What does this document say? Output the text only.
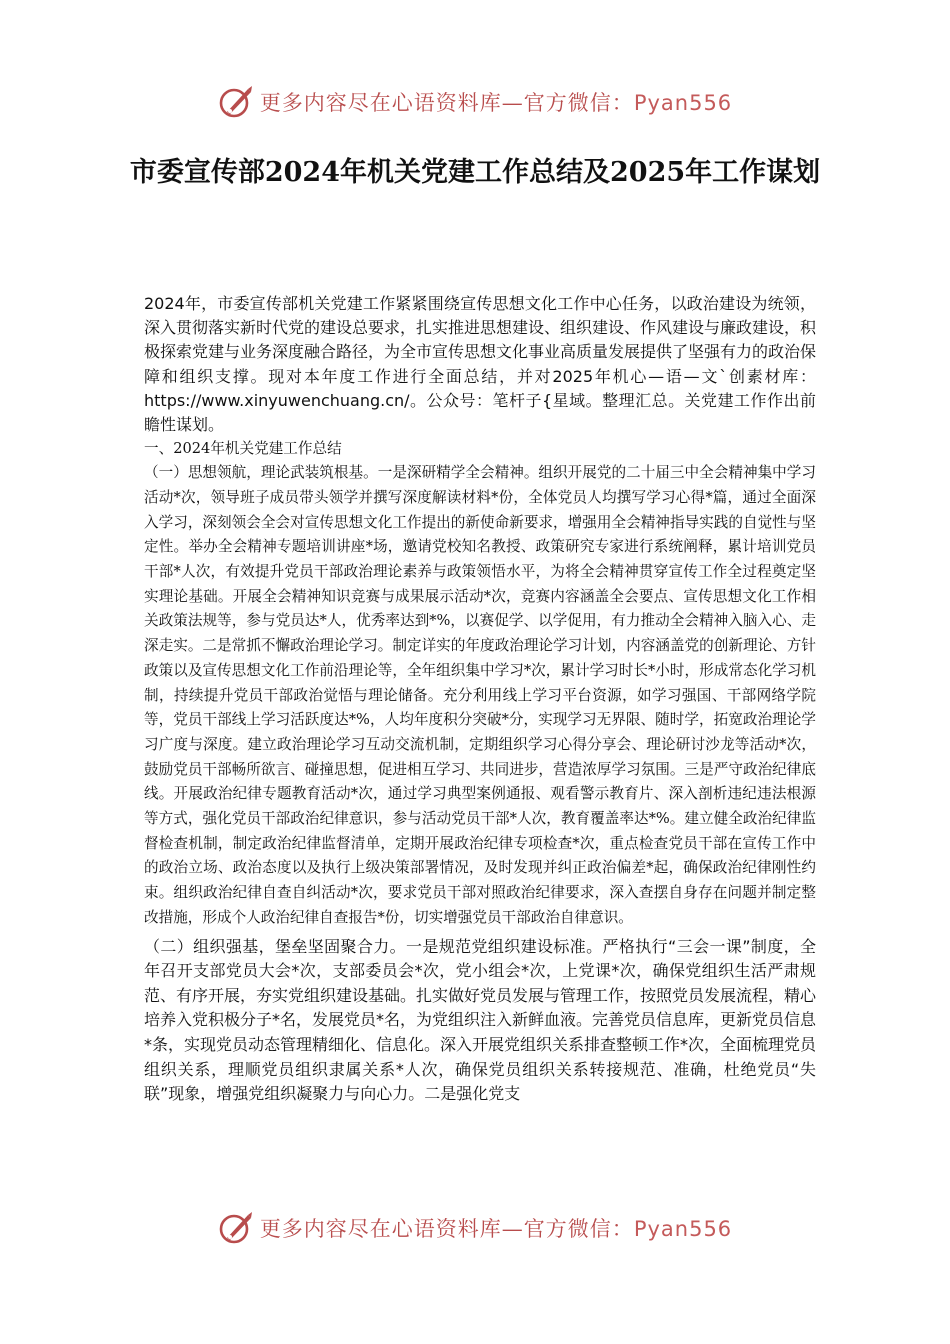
更多内容尽在心语资料库—官方微信：Pyan556
市委宣传部2024年机关党建工作总结及2025年工作谋划

2024年，市委宣传部机关党建工作紧紧围绕宣传思想文化工作中心任务，以政治建设为统领，深入贯彻落实新时代党的建设总要求，扎实推进思想建设、组织建设、作风建设与廉政建设，积极探索党建与业务深度融合路径，为全市宣传思想文化事业高质量发展提供了坚强有力的政治保障和组织支撑。现对本年度工作进行全面总结，并对2025年机心—语—文`创素材库：https://www.xinyuwenchuang.cn/。公众号：笔杆子{星域。整理汇总。关党建工作作出前瞻性谋划。

一、2024年机关党建工作总结

（一）思想领航，理论武装筑根基。一是深研精学全会精神。组织开展党的二十届三中全会精神集中学习活动*次，领导班子成员带头领学并撰写深度解读材料*份，全体党员人均撰写学习心得*篇，通过全面深入学习，深刻领会全会对宣传思想文化工作提出的新使命新要求，增强用全会精神指导实践的自觉性与坚定性。举办全会精神专题培训讲座*场，邀请党校知名教授、政策研究专家进行系统阐释，累计培训党员干部*人次，有效提升党员干部政治理论素养与政策领悟水平，为将全会精神贯穿宣传工作全过程奠定坚实理论基础。开展全会精神知识竞赛与成果展示活动*次，竞赛内容涵盖全会要点、宣传思想文化工作相关政策法规等，参与党员达*人，优秀率达到*%，以赛促学、以学促用，有力推动全会精神入脑入心、走深走实。二是常抓不懈政治理论学习。制定详实的年度政治理论学习计划，内容涵盖党的创新理论、方针政策以及宣传思想文化工作前沿理论等，全年组织集中学习*次，累计学习时长*小时，形成常态化学习机制，持续提升党员干部政治觉悟与理论储备。充分利用线上学习平台资源，如学习强国、干部网络学院等，党员干部线上学习活跃度达*%，人均年度积分突破*分，实现学习无界限、随时学，拓宽政治理论学习广度与深度。建立政治理论学习互动交流机制，定期组织学习心得分享会、理论研讨沙龙等活动*次，鼓励党员干部畅所欲言、碰撞思想，促进相互学习、共同进步，营造浓厚学习氛围。三是严守政治纪律底线。开展政治纪律专题教育活动*次，通过学习典型案例通报、观看警示教育片、深入剖析违纪违法根源等方式，强化党员干部政治纪律意识，参与活动党员干部*人次，教育覆盖率达*%。建立健全政治纪律监督检查机制，制定政治纪律监督清单，定期开展政治纪律专项检查*次，重点检查党员干部在宣传工作中的政治立场、政治态度以及执行上级决策部署情况，及时发现并纠正政治偏差*起，确保政治纪律刚性约束。组织政治纪律自查自纠活动*次，要求党员干部对照政治纪律要求，深入查摆自身存在问题并制定整改措施，形成个人政治纪律自查报告*份，切实增强党员干部政治自律意识。

（二）组织强基，堡垒坚固聚合力。一是规范党组织建设标准。严格执行“三会一课”制度，全年召开支部党员大会*次，支部委员会*次，党小组会*次，上党课*次，确保党组织生活严肃规范、有序开展，夯实党组织建设基础。扎实做好党员发展与管理工作，按照党员发展流程，精心培养入党积极分子*名，发展党员*名，为党组织注入新鲜血液。完善党员信息库，更新党员信息*条，实现党员动态管理精细化、信息化。深入开展党组织关系排查整顿工作*次，全面梳理党员组织关系，理顺党员组织隶属关系*人次，确保党员组织关系转接规范、准确，杜绝党员“失联”现象，增强党组织凝聚力与向心力。二是强化党支

更多内容尽在心语资料库—官方微信：Pyan556
